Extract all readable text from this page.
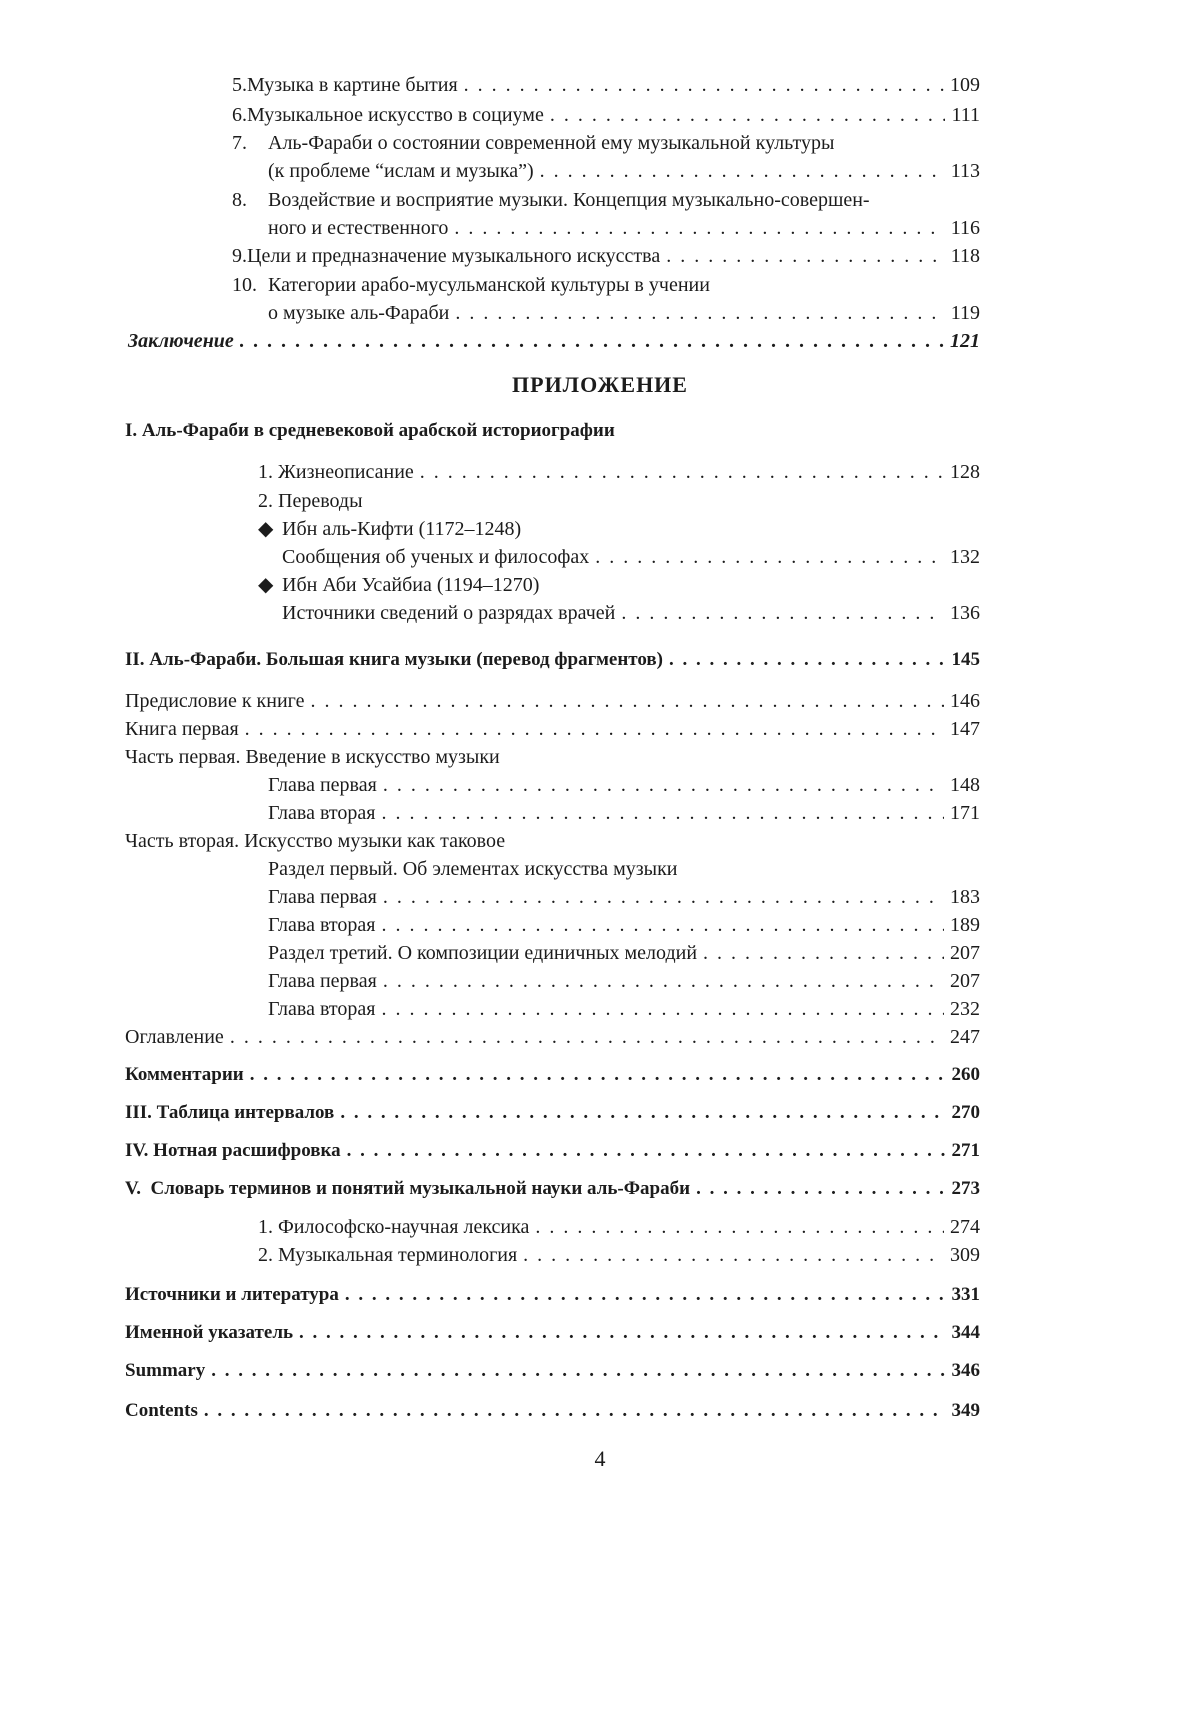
5. Музыка в картине бытия . . .	109
6. Музыкальное искусство в социуме . . .	111
7.	Аль-Фараби о состоянии современной ему музыкальной культуры
(к проблеме “ислам и музыка”) . . .	113
8.	Воздействие и восприятие музыки. Концепция музыкально-совершен-
ного и естественного . . .	116
9. Цели и предназначение музыкального искусства . . .	118
10. Категории арабо-мусульманской культуры в учении
о музыке аль-Фараби . . .	119
Заключение . . .	121
ПРИЛОЖЕНИЕ
I. Аль-Фараби в средневековой арабской историографии
1. Жизнеописание . . .	128
2. Переводы
◆ Ибн аль-Кифти (1172–1248)
Сообщения об ученых и философах . . .	132
◆ Ибн Аби Усайбиа (1194–1270)
Источники сведений о разрядах врачей . . .	136
II. Аль-Фараби. Большая книга музыки (перевод фрагментов) . . .	145
Предисловие к книге . . .	146
Книга первая . . .	147
Часть первая. Введение в искусство музыки
Глава первая . . .	148
Глава вторая . . .	171
Часть вторая. Искусство музыки как таковое
Раздел первый. Об элементах искусства музыки
Глава первая . . .	183
Глава вторая . . .	189
Раздел третий. О композиции единичных мелодий . . .	207
Глава первая . . .	207
Глава вторая . . .	232
Оглавление . . .	247
Комментарии . . .	260
III. Таблица интервалов . . .	270
IV. Нотная расшифровка . . .	271
V.  Словарь терминов и понятий музыкальной науки аль-Фараби . . .	273
1. Философско-научная лексика . . .	274
2. Музыкальная терминология . . .	309
Источники и литература . . .	331
Именной указатель . . .	344
Summary . . .	346
Contents . . .	349
4
